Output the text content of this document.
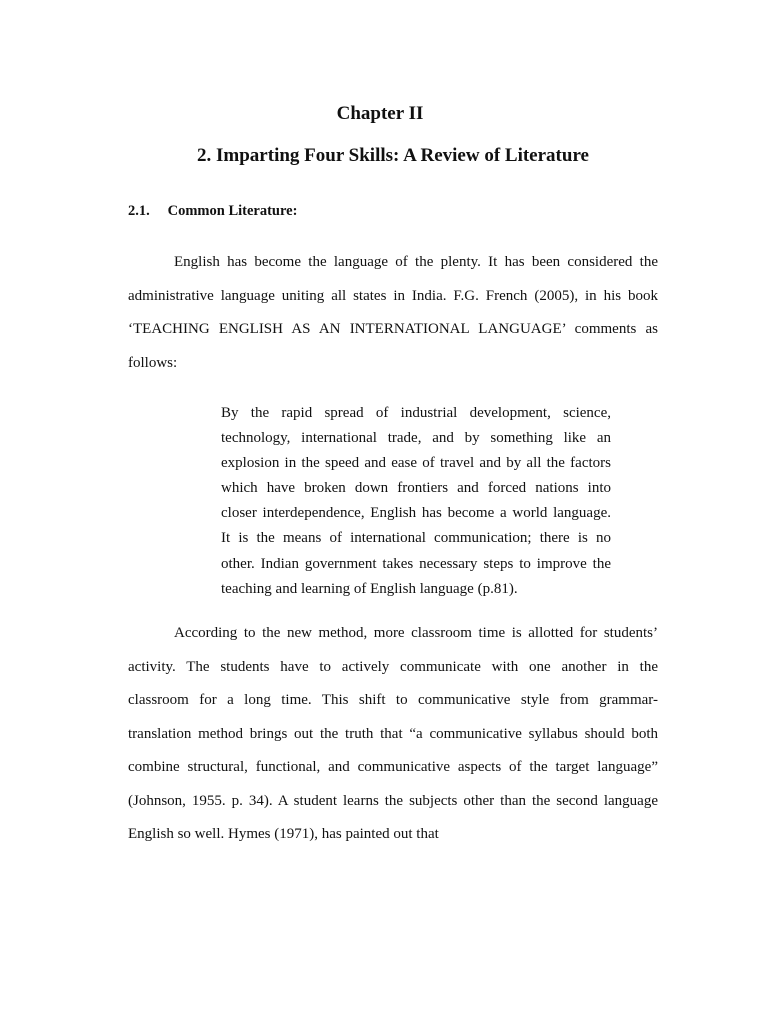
Chapter II
2. Imparting Four Skills: A Review of Literature
2.1. Common Literature:
English has become the language of the plenty. It has been considered the
administrative language uniting all states in India. F.G. French (2005), in his book
‘TEACHING ENGLISH AS AN INTERNATIONAL LANGUAGE’ comments as
follows:
By the rapid spread of industrial development, science,
technology, international trade, and by something like an
explosion in the speed and ease of travel and by all the factors
which have broken down frontiers and forced nations into
closer interdependence, English has become a world language.
It is the means of international communication; there is no
other. Indian government takes necessary steps to improve the
teaching and learning of English language (p.81).
According to the new method, more classroom time is allotted for students’
activity. The students have to actively communicate with one another in the
classroom for a long time. This shift to communicative style from grammar-
translation method brings out the truth that “a communicative syllabus should both
combine structural, functional, and communicative aspects of the target language”
(Johnson, 1955. p. 34). A student learns the subjects other than the second language
English so well. Hymes (1971), has painted out that
